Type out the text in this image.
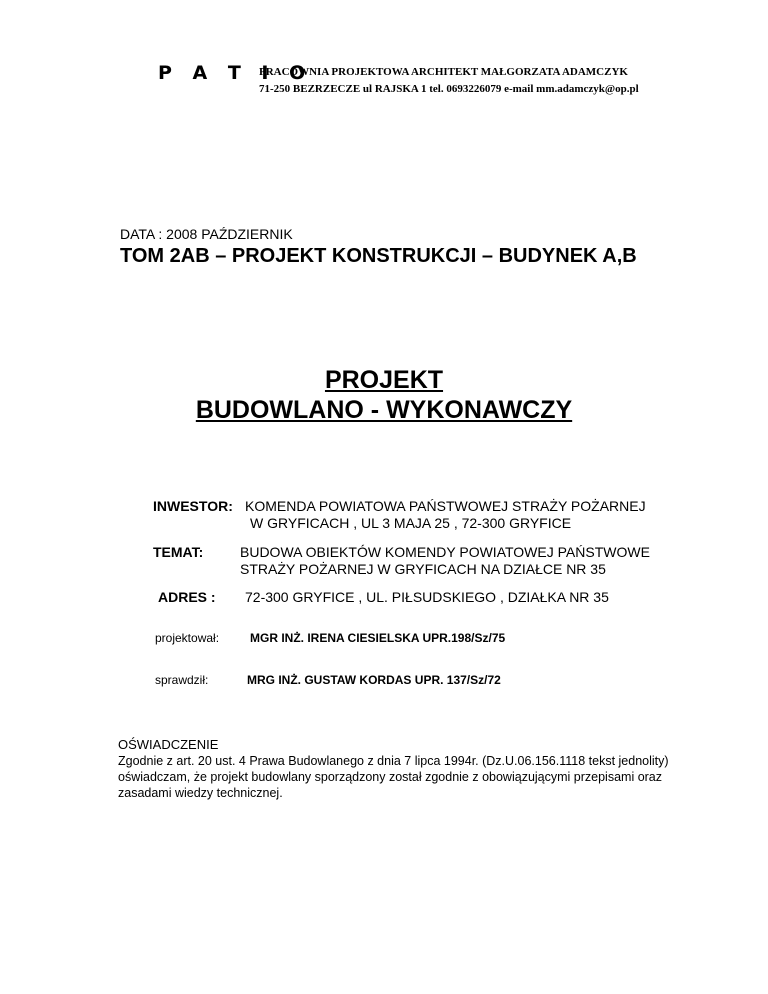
P A T I O
PRACOWNIA PROJEKTOWA ARCHITEKT MAŁGORZATA ADAMCZYK
71-250 BEZRZECZE ul RAJSKA 1 tel. 0693226079 e-mail mm.adamczyk@op.pl
DATA : 2008 PAŹDZIERNIK
TOM 2AB – PROJEKT KONSTRUKCJI – BUDYNEK A,B
PROJEKT
BUDOWLANO - WYKONAWCZY
INWESTOR: KOMENDA POWIATOWA PAŃSTWOWEJ STRAŻY POŻARNEJ
W GRYFICACH , UL 3 MAJA 25 , 72-300 GRYFICE
TEMAT:	BUDOWA OBIEKTÓW KOMENDY POWIATOWEJ PAŃSTWOWE
STRAŻY POŻARNEJ W GRYFICACH NA DZIAŁCE NR 35
ADRES : 72-300 GRYFICE , UL. PIŁSUDSKIEGO , DZIAŁKA NR 35
projektował:	MGR INŻ. IRENA CIESIELSKA UPR.198/Sz/75
sprawdził:	MRG INŻ. GUSTAW KORDAS UPR. 137/Sz/72
OŚWIADCZENIE
Zgodnie z art. 20 ust. 4 Prawa Budowlanego z dnia 7 lipca 1994r. (Dz.U.06.156.1118 tekst jednolity) oświadczam, że projekt budowlany sporządzony został zgodnie z obowiązującymi przepisami oraz zasadami wiedzy technicznej.
